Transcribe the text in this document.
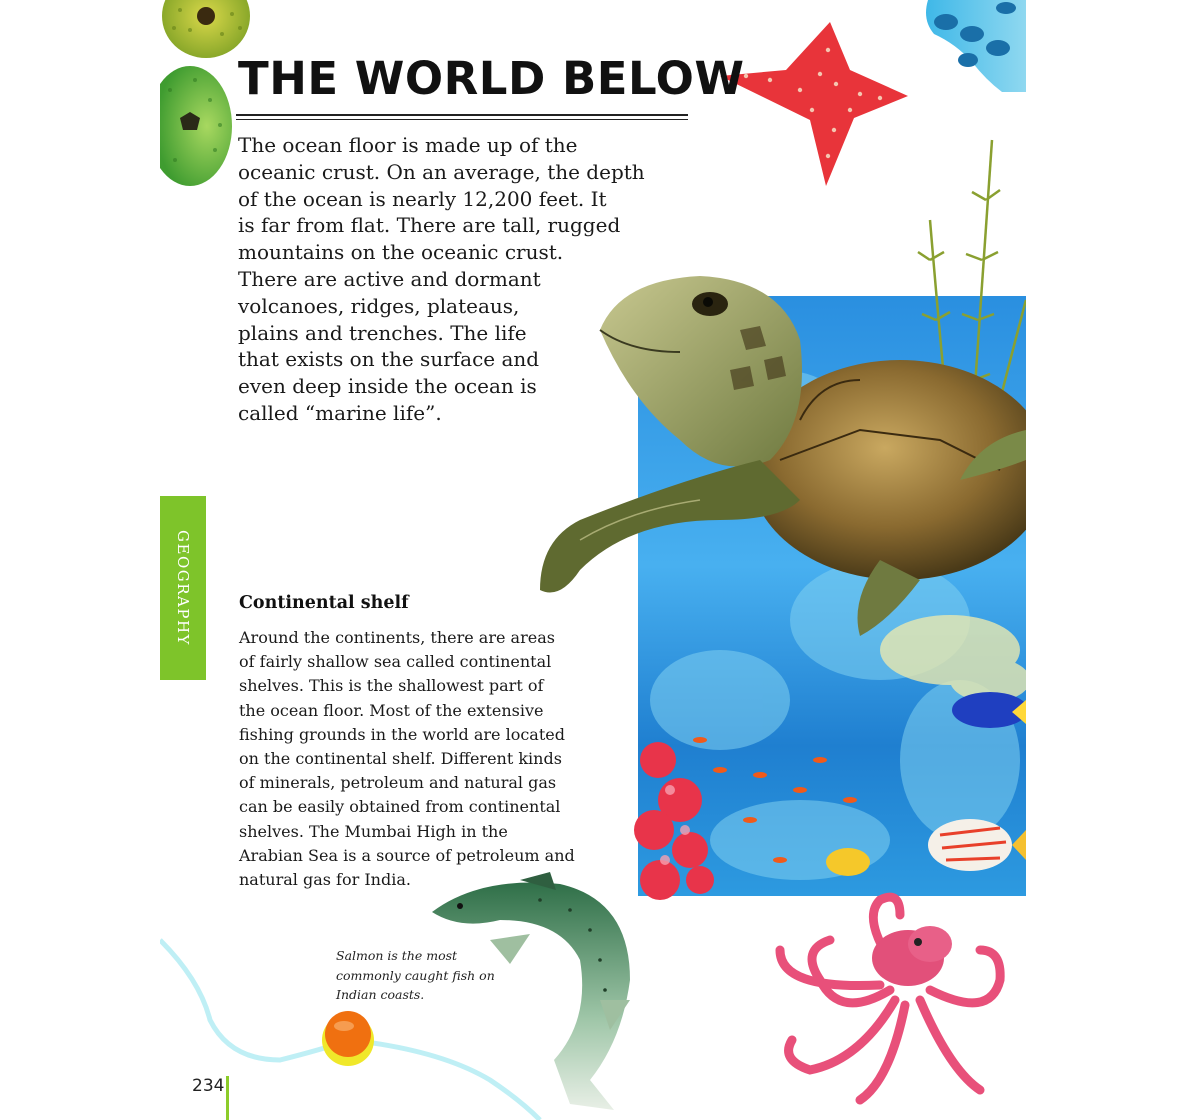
THE WORLD BELOW
The ocean floor is made up of the
oceanic crust. On an average, the depth
of the ocean is nearly 12,200 feet. It
is far from flat. There are tall, rugged
mountains on the oceanic crust.
There are active and dormant
volcanoes, ridges, plateaus,
plains and trenches. The life
that exists on the surface and
even deep inside the ocean is
called “marine life”.
GEOGRAPHY	Continental shelf
Around the continents, there are areas
of fairly shallow sea called continental
shelves. This is the shallowest part of
the ocean floor. Most of the extensive
fishing grounds in the world are located
on the continental shelf. Different kinds
of minerals, petroleum and natural gas
can be easily obtained from continental
shelves. The Mumbai High in the
Arabian Sea is a source of petroleum and
natural gas for India.
Salmon is the most
commonly caught fish on
Indian coasts.
234
